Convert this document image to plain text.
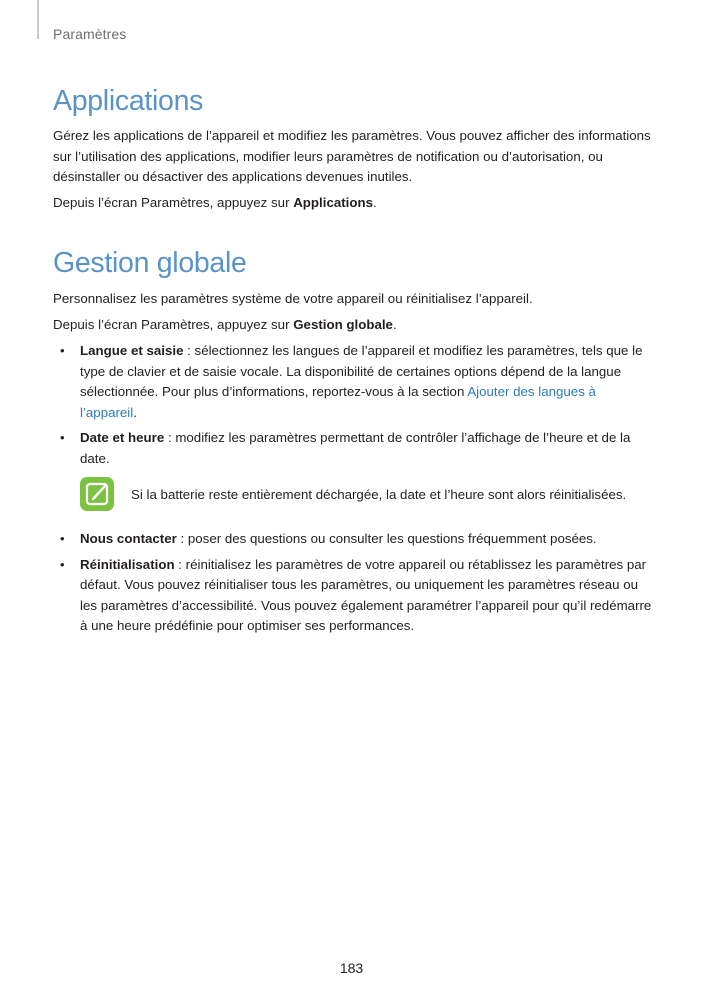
Paramètres
Applications

Gérez les applications de l’appareil et modifiez les paramètres. Vous pouvez afficher des informations sur l’utilisation des applications, modifier leurs paramètres de notification ou d’autorisation, ou désinstaller ou désactiver des applications devenues inutiles.

Depuis l’écran Paramètres, appuyez sur Applications.

Gestion globale

Personnalisez les paramètres système de votre appareil ou réinitialisez l’appareil.

Depuis l’écran Paramètres, appuyez sur Gestion globale.

• Langue et saisie : sélectionnez les langues de l’appareil et modifiez les paramètres, tels que le type de clavier et de saisie vocale. La disponibilité de certaines options dépend de la langue sélectionnée. Pour plus d’informations, reportez-vous à la section Ajouter des langues à l’appareil.
• Date et heure : modifiez les paramètres permettant de contrôler l’affichage de l’heure et de la date.
Si la batterie reste entièrement déchargée, la date et l’heure sont alors réinitialisées.
• Nous contacter : poser des questions ou consulter les questions fréquemment posées.
• Réinitialisation : réinitialisez les paramètres de votre appareil ou rétablissez les paramètres par défaut. Vous pouvez réinitialiser tous les paramètres, ou uniquement les paramètres réseau ou les paramètres d’accessibilité. Vous pouvez également paramétrer l’appareil pour qu’il redémarre à une heure prédéfinie pour optimiser ses performances.
183
